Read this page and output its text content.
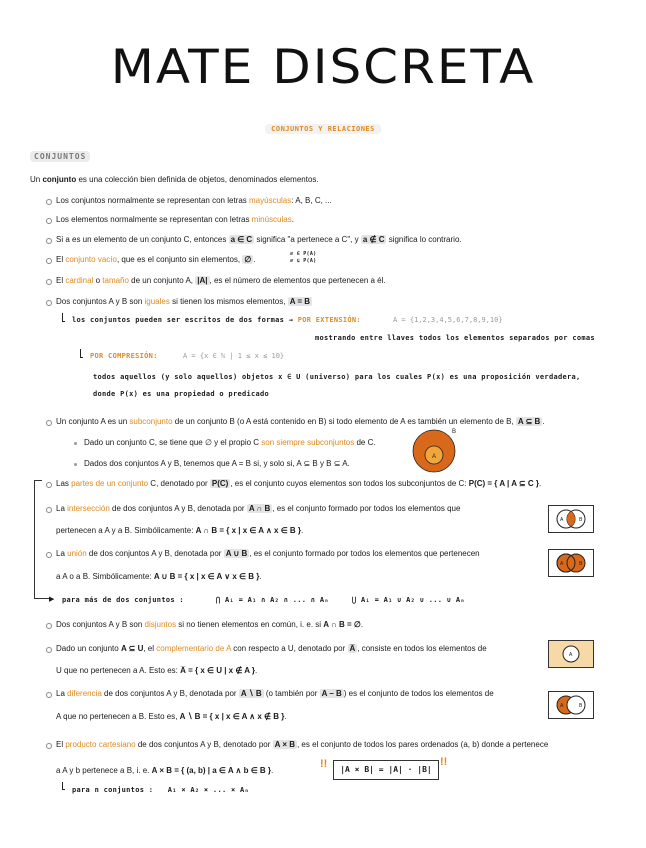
MATE DISCRETA
CONJUNTOS Y RELACIONES
CONJUNTOS
Un conjunto es una colección bien definida de objetos, denominados elementos.
Los conjuntos normalmente se representan con letras mayúsculas: A, B, C, ...
Los elementos normalmente se representan con letras minúsculas.
Si a es un elemento de un conjunto C, entonces a ∈ C significa "a pertenece a C", y a ∉ C significa lo contrario.
El conjunto vacío, que es el conjunto sin elementos, ∅ .
∅ ∈ P(A)
∅ ⊆ P(A)
El cardinal o tamaño de un conjunto A, |A| , es el número de elementos que pertenecen a él.
Dos conjuntos A y B son iguales si tienen los mismos elementos, A = B
los conjuntos pueden ser escritos de dos formas → POR EXTENSIÓN:	A = {1,2,3,4,5,6,7,8,9,10}
mostrando entre llaves todos los elementos separados por comas
POR COMPRESIÓN:	A = {x ∈ ℕ | 1 ≤ x ≤ 10}
todos aquellos (y solo aquellos) objetos x ∈ U (universo) para los cuales P(x) es una proposición verdadera,
donde P(x) es una propiedad o predicado
Un conjunto A es un subconjunto de un conjunto B (o A está contenido en B) si todo elemento de A es también un elemento de B, A ⊆ B .
Dado un conjunto C, se tiene que ∅ y el propio C son siempre subconjuntos de C.
Dados dos conjuntos A y B, tenemos que A = B si, y solo si, A ⊆ B y B ⊆ A.
A
B
▶
Las partes de un conjunto C, denotado por P(C) , es el conjunto cuyos elementos son todos los subconjuntos de C: P(C) = { A | A ⊆ C }.
La intersección de dos conjuntos A y B, denotada por A ∩ B , es el conjunto formado por todos los elementos que
pertenecen a A y a B. Simbólicamente: A ∩ B = { x | x ∈ A ∧ x ∈ B }.
A	B
La unión de dos conjuntos A y B, denotada por A ∪ B , es el conjunto formado por todos los elementos que pertenecen
a A o a B. Simbólicamente: A ∪ B = { x | x ∈ A ∨ x ∈ B }.
A	B
para más de dos conjuntos :	⋂ Aᵢ = A₁ ∩ A₂ ∩ ... ∩ Aₙ	⋃ Aᵢ = A₁ ∪ A₂ ∪ ... ∪ Aₙ
Dos conjuntos A y B son disjuntos si no tienen elementos en común, i. e. si A ∩ B = ∅.
Dado un conjunto A ⊆ U, el complementario de A con respecto a U, denotado por A̅ , consiste en todos los elementos de
U que no pertenecen a A. Esto es: A̅ = { x ∈ U | x ∉ A }.
A
La diferencia de dos conjuntos A y B, denotada por A ∖ B (o también por A – B ) es el conjunto de todos los elementos de
A que no pertenecen a B. Esto es, A ∖ B = { x | x ∈ A ∧ x ∉ B }.
A	B
El producto cartesiano de dos conjuntos A y B, denotado por A × B , es el conjunto de todos los pares ordenados (a, b) donde a pertenece
a A y b pertenece a B, i. e. A × B = { (a, b) | a ∈ A ∧ b ∈ B }.
!!	|A × B| = |A| · |B|
!!
para n conjuntos : A₁ × A₂ × ... × Aₙ
